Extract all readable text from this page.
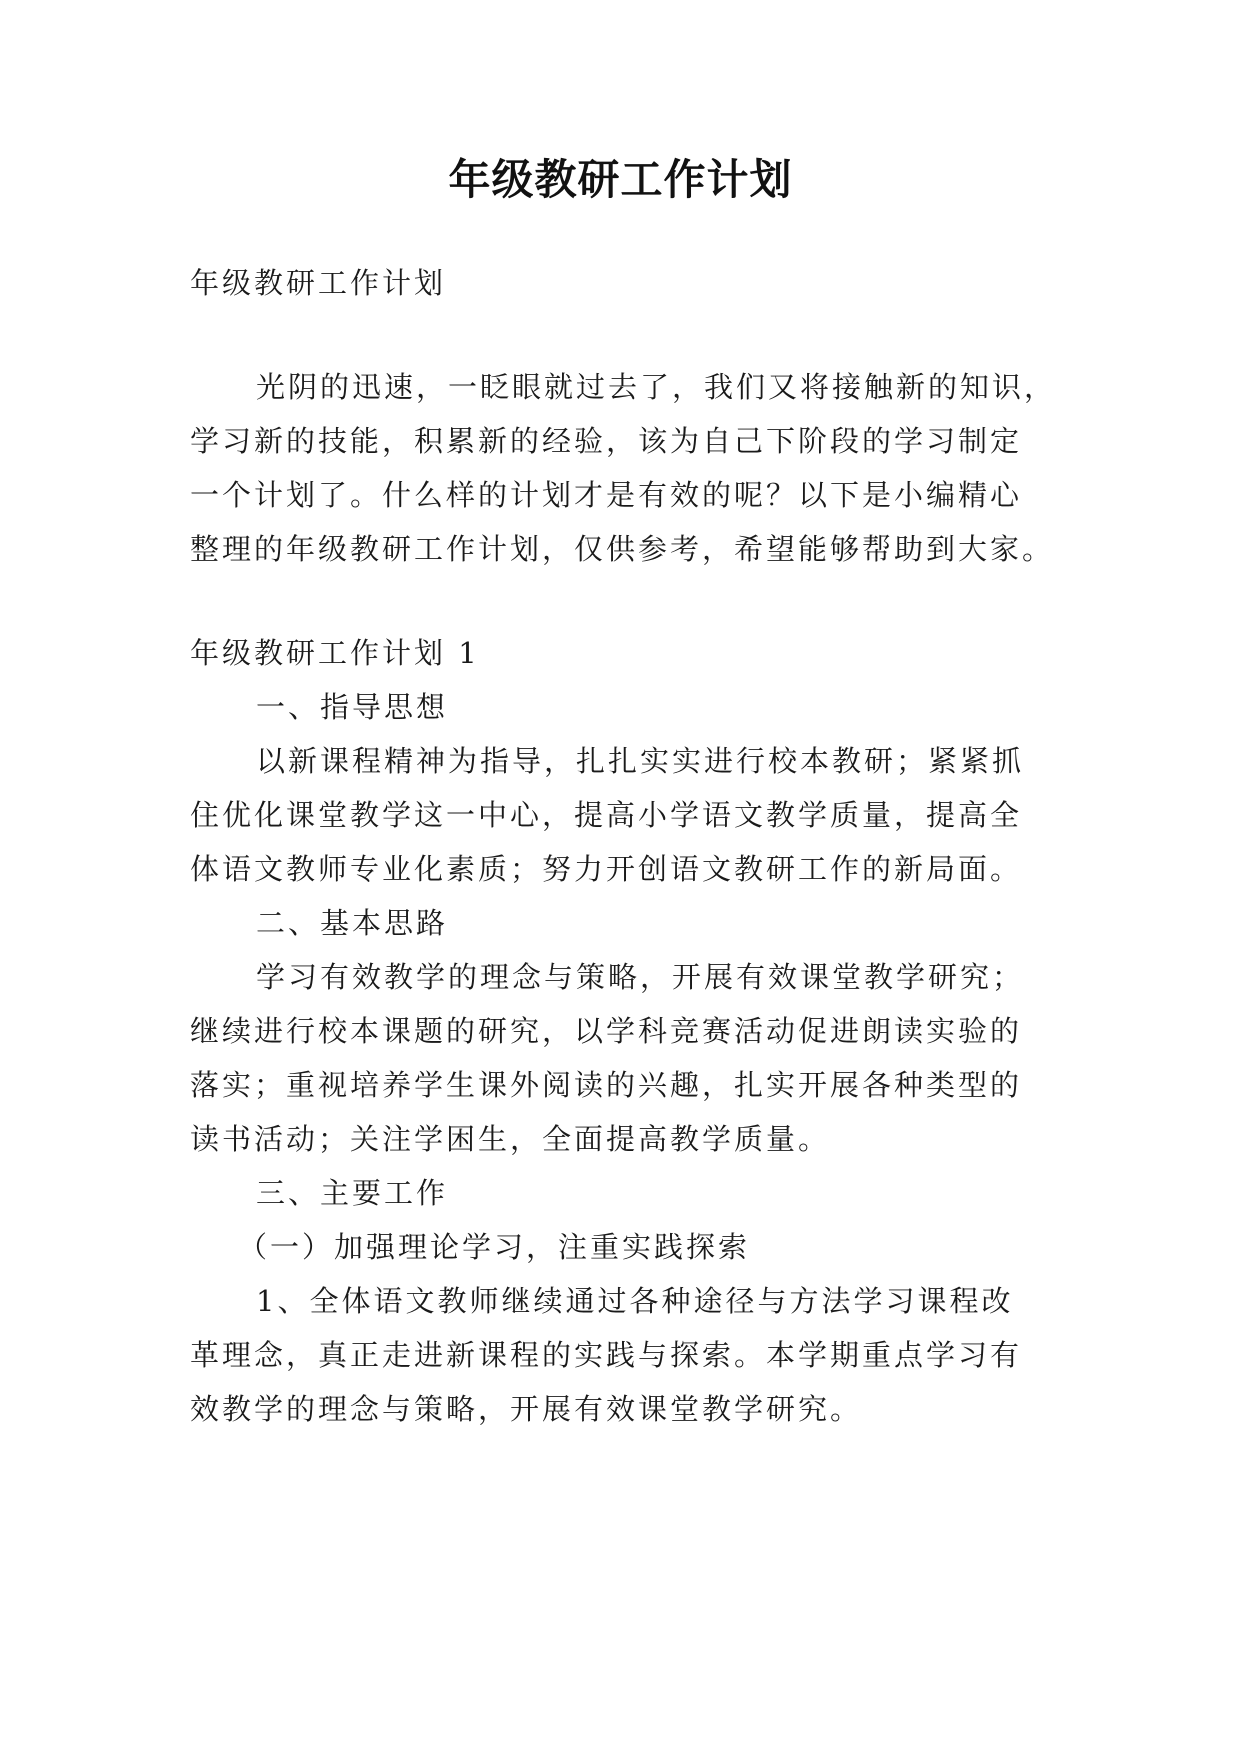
年级教研工作计划
年级教研工作计划
光阴的迅速，一眨眼就过去了，我们又将接触新的知识，
学习新的技能，积累新的经验，该为自己下阶段的学习制定
一个计划了。什么样的计划才是有效的呢？以下是小编精心
整理的年级教研工作计划，仅供参考，希望能够帮助到大家。
年级教研工作计划 1
一、指导思想
以新课程精神为指导，扎扎实实进行校本教研；紧紧抓
住优化课堂教学这一中心，提高小学语文教学质量，提高全
体语文教师专业化素质；努力开创语文教研工作的新局面。
二、基本思路
学习有效教学的理念与策略，开展有效课堂教学研究；
继续进行校本课题的研究，以学科竞赛活动促进朗读实验的
落实；重视培养学生课外阅读的兴趣，扎实开展各种类型的
读书活动；关注学困生，全面提高教学质量。
三、主要工作
（一）加强理论学习，注重实践探索
1、全体语文教师继续通过各种途径与方法学习课程改
革理念，真正走进新课程的实践与探索。本学期重点学习有
效教学的理念与策略，开展有效课堂教学研究。
